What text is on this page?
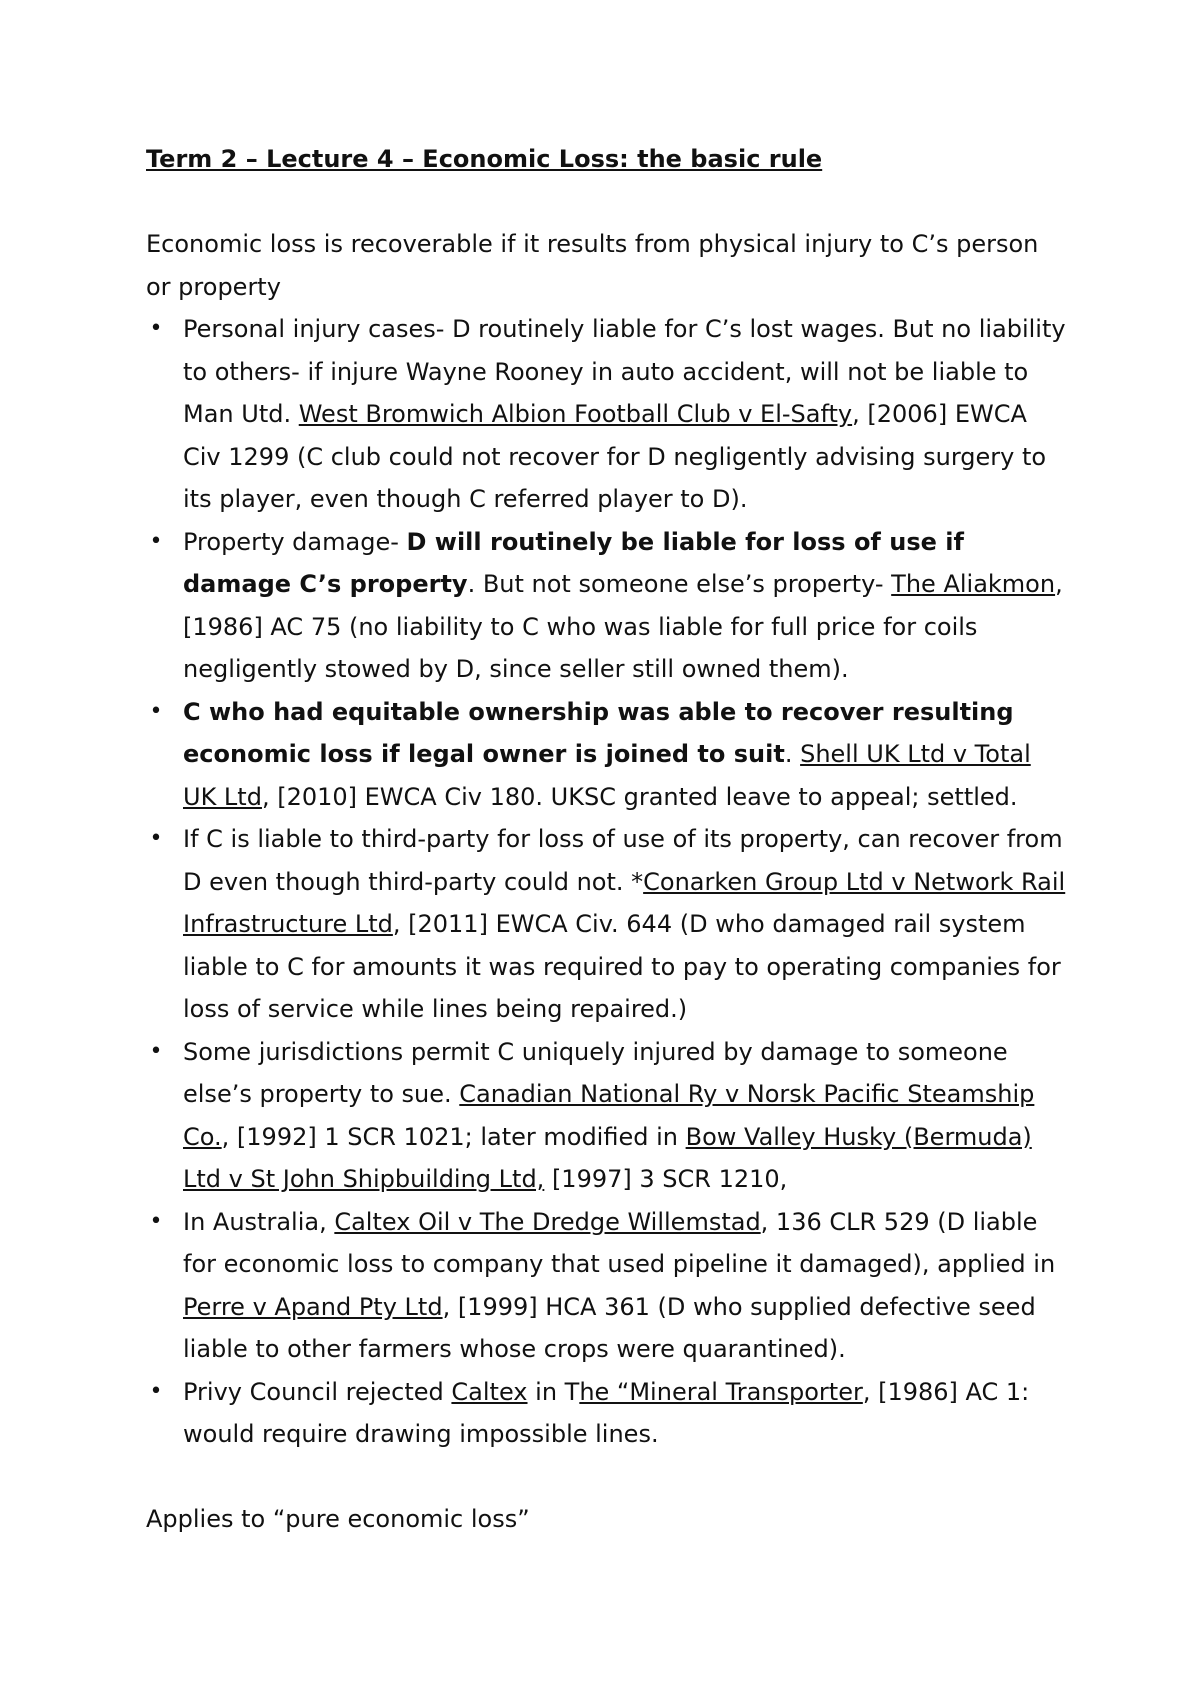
Term 2 – Lecture 4 – Economic Loss: the basic rule

Economic loss is recoverable if it results from physical injury to C’s person or property

• Personal injury cases- D routinely liable for C’s lost wages. But no liability to others- if injure Wayne Rooney in auto accident, will not be liable to Man Utd. West Bromwich Albion Football Club v El-Safty, [2006] EWCA Civ 1299 (C club could not recover for D negligently advising surgery to its player, even though C referred player to D).
• Property damage- D will routinely be liable for loss of use if damage C’s property. But not someone else’s property- The Aliakmon, [1986] AC 75 (no liability to C who was liable for full price for coils negligently stowed by D, since seller still owned them).
• C who had equitable ownership was able to recover resulting economic loss if legal owner is joined to suit. Shell UK Ltd v Total UK Ltd, [2010] EWCA Civ 180. UKSC granted leave to appeal; settled.
• If C is liable to third-party for loss of use of its property, can recover from D even though third-party could not. *Conarken Group Ltd v Network Rail Infrastructure Ltd, [2011] EWCA Civ. 644 (D who damaged rail system liable to C for amounts it was required to pay to operating companies for loss of service while lines being repaired.)
• Some jurisdictions permit C uniquely injured by damage to someone else’s property to sue. Canadian National Ry v Norsk Pacific Steamship Co., [1992] 1 SCR 1021; later modified in Bow Valley Husky (Bermuda) Ltd v St John Shipbuilding Ltd, [1997] 3 SCR 1210,
• In Australia, Caltex Oil v The Dredge Willemstad, 136 CLR 529 (D liable for economic loss to company that used pipeline it damaged), applied in Perre v Apand Pty Ltd, [1999] HCA 361 (D who supplied defective seed liable to other farmers whose crops were quarantined).
• Privy Council rejected Caltex in The “Mineral Transporter, [1986] AC 1: would require drawing impossible lines.

Applies to “pure economic loss”
